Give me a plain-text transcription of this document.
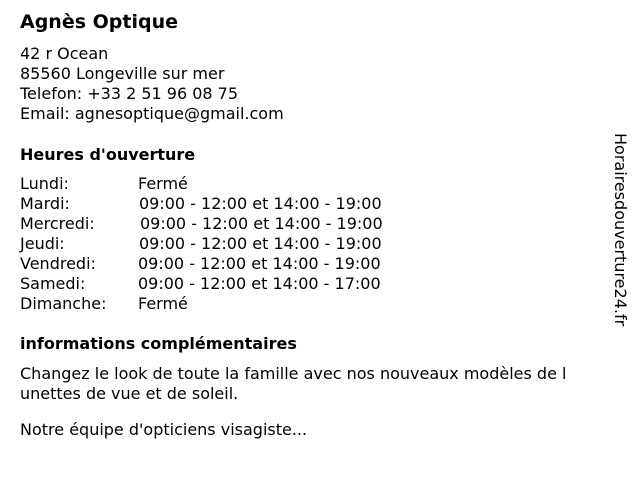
Agnès Optique
42 r Ocean
85560 Longeville sur mer
Telefon: +33 2 51 96 08 75
Email: agnesoptique@gmail.com
Heures d'ouverture
Lundi:	Fermé
Mardi:	09:00 - 12:00 et 14:00 - 19:00
Mercredi:	09:00 - 12:00 et 14:00 - 19:00
Jeudi:	09:00 - 12:00 et 14:00 - 19:00
Vendredi:	09:00 - 12:00 et 14:00 - 19:00
Samedi:	09:00 - 12:00 et 14:00 - 17:00
Dimanche: Fermé
informations complémentaires
Changez le look de toute la famille avec nos nouveaux modèles de l
unettes de vue et de soleil.
Notre équipe d'opticiens visagiste...
Horairesdouverture24.fr
